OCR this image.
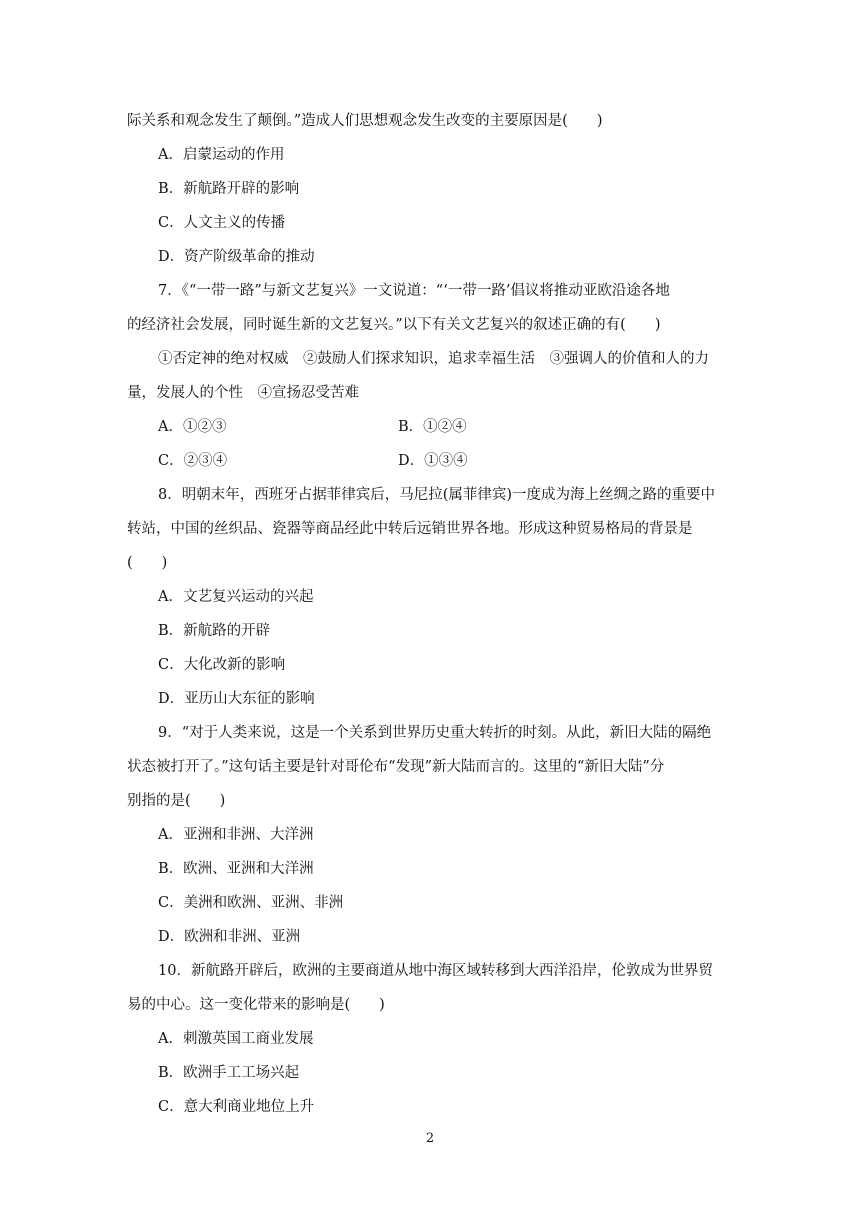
际关系和观念发生了颠倒。”造成人们思想观念发生改变的主要原因是(　　)
A．启蒙运动的作用
B．新航路开辟的影响
C．人文主义的传播
D．资产阶级革命的推动
7．《“一带一路”与新文艺复兴》一文说道：“‘一带一路’倡议将推动亚欧沿途各地
的经济社会发展，同时诞生新的文艺复兴。”以下有关文艺复兴的叙述正确的有(　　)
①否定神的绝对权威　②鼓励人们探求知识，追求幸福生活　③强调人的价值和人的力
量，发展人的个性　④宣扬忍受苦难
A．①②③	B．①②④
C．②③④	D．①③④
8．明朝末年，西班牙占据菲律宾后，马尼拉(属菲律宾)一度成为海上丝绸之路的重要中
转站，中国的丝织品、瓷器等商品经此中转后远销世界各地。形成这种贸易格局的背景是
(　　)
A．文艺复兴运动的兴起
B．新航路的开辟
C．大化改新的影响
D．亚历山大东征的影响
9．“对于人类来说，这是一个关系到世界历史重大转折的时刻。从此，新旧大陆的隔绝
状态被打开了。”这句话主要是针对哥伦布“发现”新大陆而言的。这里的“新旧大陆”分
别指的是(　　)
A．亚洲和非洲、大洋洲
B．欧洲、亚洲和大洋洲
C．美洲和欧洲、亚洲、非洲
D．欧洲和非洲、亚洲
10．新航路开辟后，欧洲的主要商道从地中海区域转移到大西洋沿岸，伦敦成为世界贸
易的中心。这一变化带来的影响是(　　)
A．刺激英国工商业发展
B．欧洲手工工场兴起
C．意大利商业地位上升
2
